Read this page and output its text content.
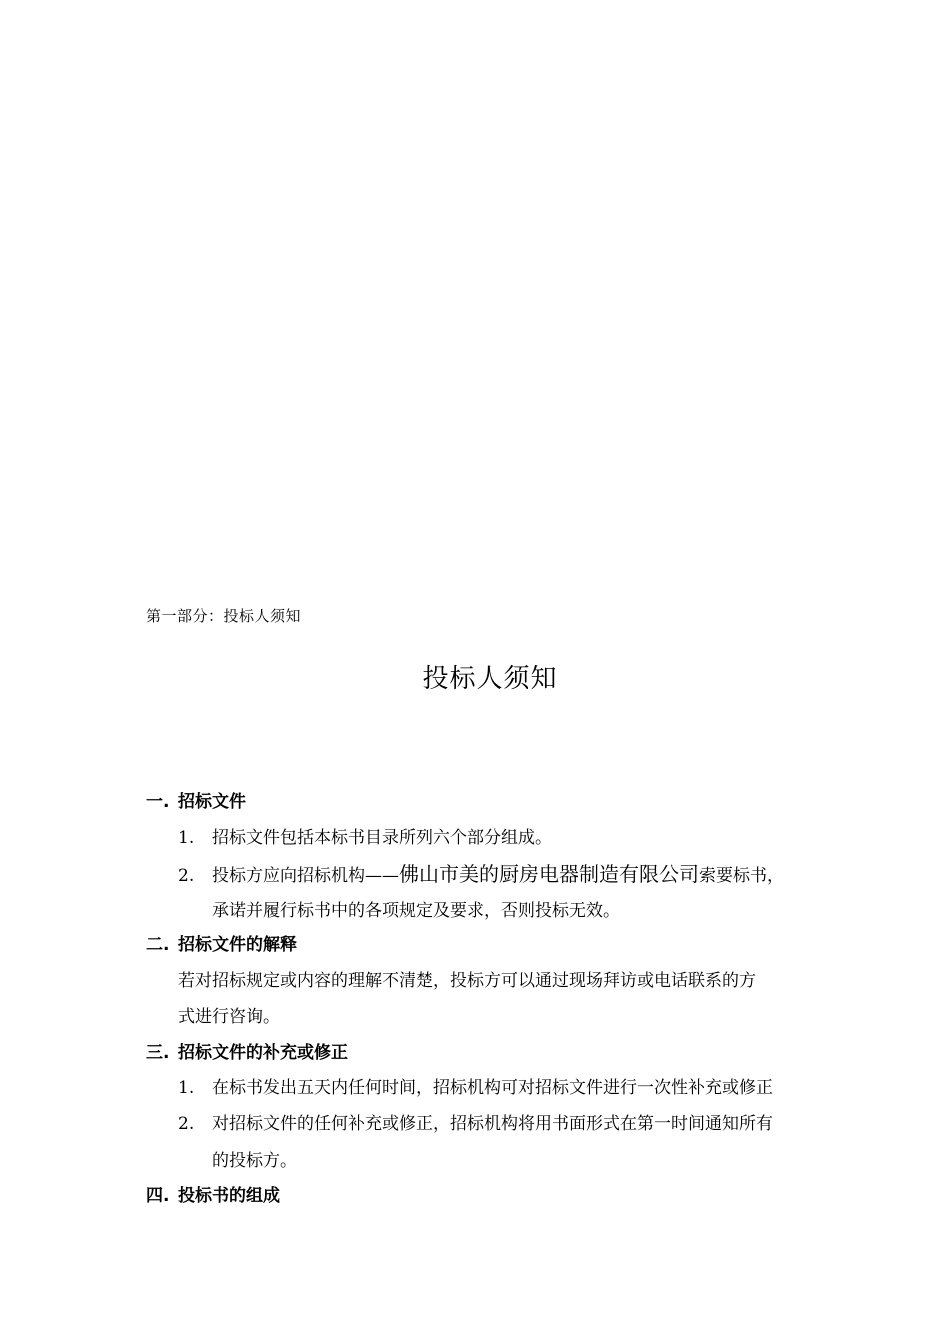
第一部分：投标人须知
投标人须知
一. 招标文件
1. 招标文件包括本标书目录所列六个部分组成。
2. 投标方应向招标机构——佛山市美的厨房电器制造有限公司索要标书，
承诺并履行标书中的各项规定及要求，否则投标无效。
二. 招标文件的解释
若对招标规定或内容的理解不清楚，投标方可以通过现场拜访或电话联系的方
式进行咨询。
三. 招标文件的补充或修正
1. 在标书发出五天内任何时间，招标机构可对招标文件进行一次性补充或修正
2. 对招标文件的任何补充或修正，招标机构将用书面形式在第一时间通知所有
的投标方。
四. 投标书的组成
